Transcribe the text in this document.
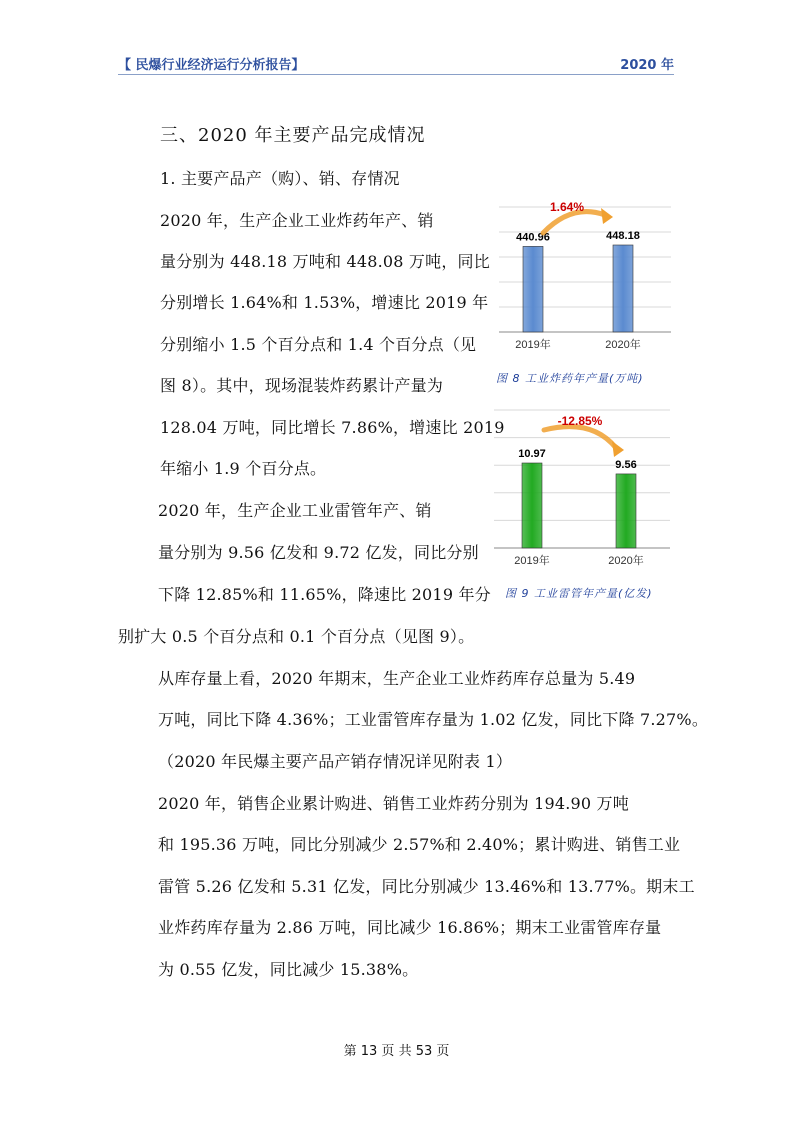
【 民爆行业经济运行分析报告】	2020 年
三、2020 年主要产品完成情况
1. 主要产品产（购）、销、存情况
2020 年，生产企业工业炸药年产、销
量分别为 448.18 万吨和 448.08 万吨，同比
分别增长 1.64%和 1.53%，增速比 2019 年
分别缩小 1.5 个百分点和 1.4 个百分点（见
图 8）。其中，现场混装炸药累计产量为
128.04 万吨，同比增长 7.86%，增速比 2019
年缩小 1.9 个百分点。
2020 年，生产企业工业雷管年产、销
量分别为 9.56 亿发和 9.72 亿发，同比分别
下降 12.85%和 11.65%，降速比 2019 年分
别扩大 0.5 个百分点和 0.1 个百分点（见图 9）。
从库存量上看，2020 年期末，生产企业工业炸药库存总量为 5.49
万吨，同比下降 4.36%；工业雷管库存量为 1.02 亿发，同比下降 7.27%。
（2020 年民爆主要产品产销存情况详见附表 1）
2020 年，销售企业累计购进、销售工业炸药分别为 194.90 万吨
和 195.36 万吨，同比分别减少 2.57%和 2.40%；累计购进、销售工业
雷管 5.26 亿发和 5.31 亿发，同比分别减少 13.46%和 13.77%。期末工
业炸药库存量为 2.86 万吨，同比减少 16.86%；期末工业雷管库存量
为 0.55 亿发，同比减少 15.38%。
440.96
2019年
448.18
2020年
1.64%
图 8 工业炸药年产量(万吨)
10.97
2019年
9.56
2020年
-12.85%
图 9 工业雷管年产量(亿发)
第 13 页 共 53 页
